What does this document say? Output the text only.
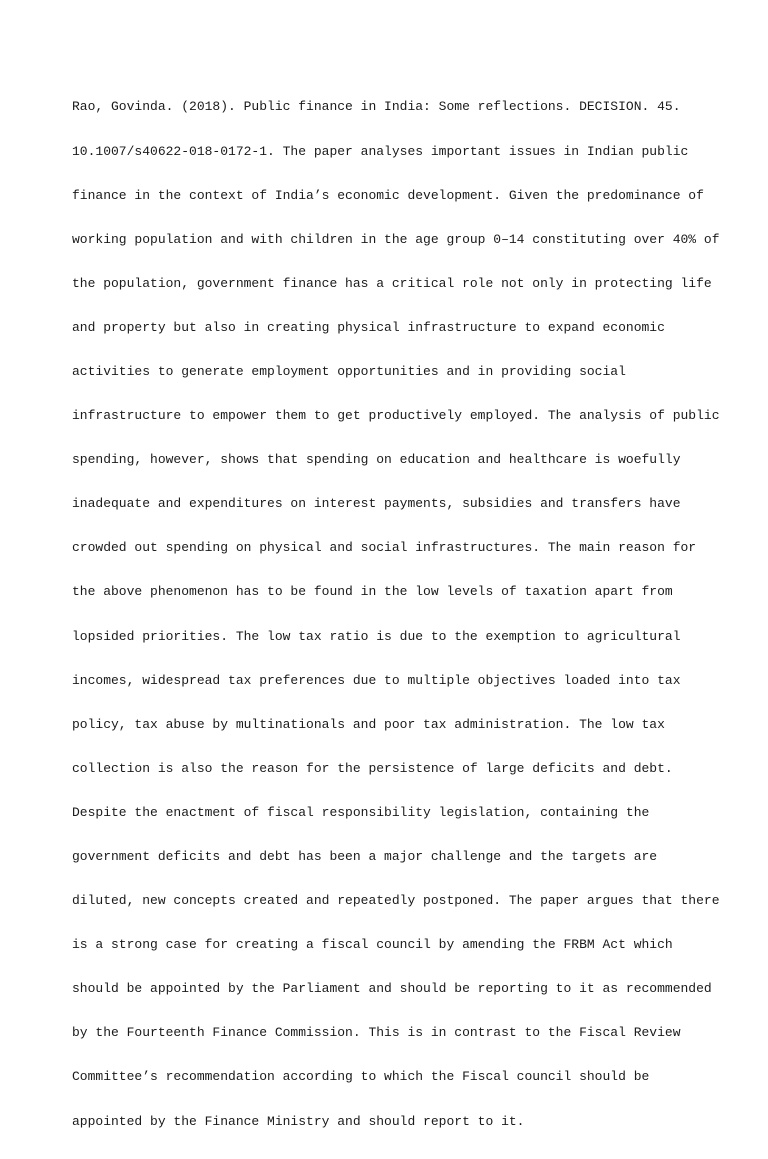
Rao, Govinda. (2018). Public finance in India: Some reflections. DECISION. 45.

10.1007/s40622-018-0172-1. The paper analyses important issues in Indian public

finance in the context of India’s economic development. Given the predominance of

working population and with children in the age group 0–14 constituting over 40% of

the population, government finance has a critical role not only in protecting life

and property but also in creating physical infrastructure to expand economic

activities to generate employment opportunities and in providing social

infrastructure to empower them to get productively employed. The analysis of public

spending, however, shows that spending on education and healthcare is woefully

inadequate and expenditures on interest payments, subsidies and transfers have

crowded out spending on physical and social infrastructures. The main reason for

the above phenomenon has to be found in the low levels of taxation apart from

lopsided priorities. The low tax ratio is due to the exemption to agricultural

incomes, widespread tax preferences due to multiple objectives loaded into tax

policy, tax abuse by multinationals and poor tax administration. The low tax

collection is also the reason for the persistence of large deficits and debt.

Despite the enactment of fiscal responsibility legislation, containing the

government deficits and debt has been a major challenge and the targets are

diluted, new concepts created and repeatedly postponed. The paper argues that there

is a strong case for creating a fiscal council by amending the FRBM Act which

should be appointed by the Parliament and should be reporting to it as recommended

by the Fourteenth Finance Commission. This is in contrast to the Fiscal Review

Committee’s recommendation according to which the Fiscal council should be

appointed by the Finance Ministry and should report to it.
